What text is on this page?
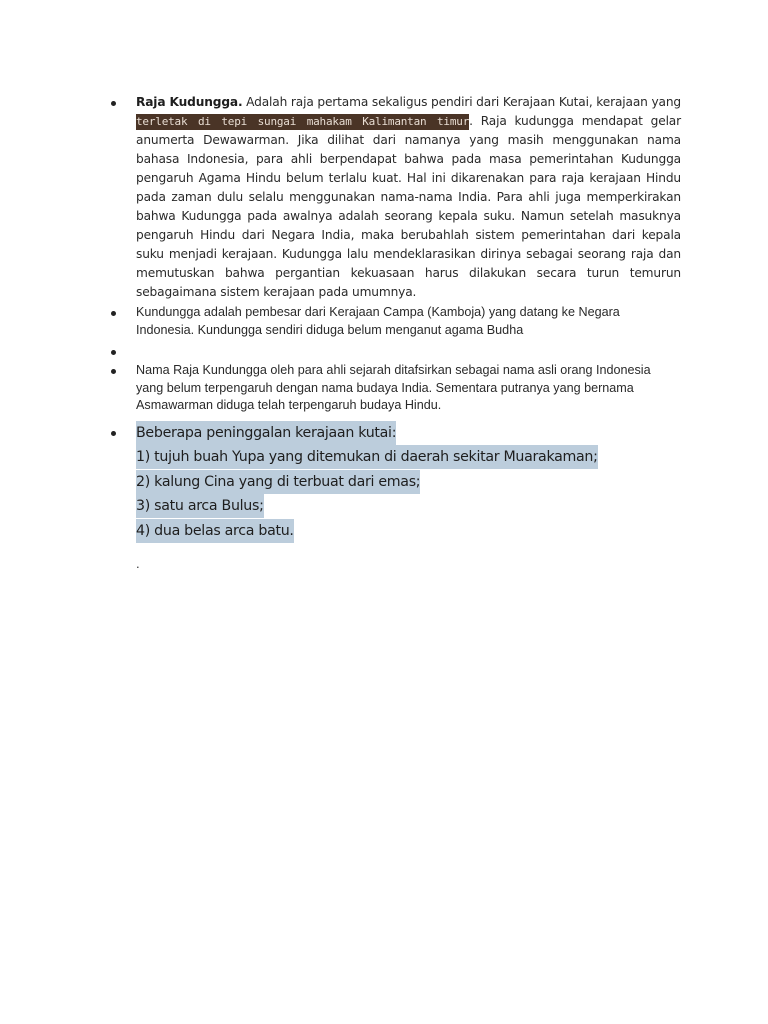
Raja Kudungga. Adalah raja pertama sekaligus pendiri dari Kerajaan Kutai, kerajaan yang terletak di tepi sungai mahakam Kalimantan timur. Raja kudungga mendapat gelar anumerta Dewawarman. Jika dilihat dari namanya yang masih menggunakan nama bahasa Indonesia, para ahli berpendapat bahwa pada masa pemerintahan Kudungga pengaruh Agama Hindu belum terlalu kuat. Hal ini dikarenakan para raja kerajaan Hindu pada zaman dulu selalu menggunakan nama-nama India. Para ahli juga memperkirakan bahwa Kudungga pada awalnya adalah seorang kepala suku. Namun setelah masuknya pengaruh Hindu dari Negara India, maka berubahlah sistem pemerintahan dari kepala suku menjadi kerajaan. Kudungga lalu mendeklarasikan dirinya sebagai seorang raja dan memutuskan bahwa pergantian kekuasaan harus dilakukan secara turun temurun sebagaimana sistem kerajaan pada umumnya.
Kundungga adalah pembesar dari Kerajaan Campa (Kamboja) yang datang ke Negara Indonesia. Kundungga sendiri diduga belum menganut agama Budha
Nama Raja Kundungga oleh para ahli sejarah ditafsirkan sebagai nama asli orang Indonesia yang belum terpengaruh dengan nama budaya India. Sementara putranya yang bernama Asmawarman diduga telah terpengaruh budaya Hindu.
Beberapa peninggalan kerajaan kutai:
1) tujuh buah Yupa yang ditemukan di daerah sekitar Muarakaman;
2) kalung Cina yang di terbuat dari emas;
3) satu arca Bulus;
4) dua belas arca batu.
.
